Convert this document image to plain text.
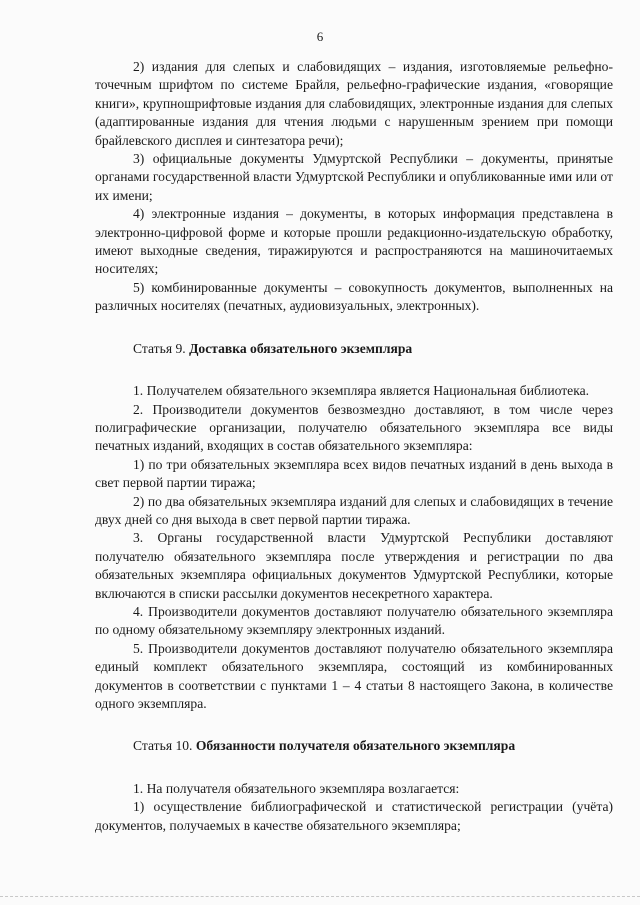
6

2) издания для слепых и слабовидящих – издания, изготовляемые рельефно-точечным шрифтом по системе Брайля, рельефно-графические издания, «говорящие книги», крупношрифтовые издания для слабовидящих, электронные издания для слепых (адаптированные издания для чтения людьми с нарушенным зрением при помощи брайлевского дисплея и синтезатора речи);

3) официальные документы Удмуртской Республики – документы, принятые органами государственной власти Удмуртской Республики и опубликованные ими или от их имени;

4) электронные издания – документы, в которых информация представлена в электронно-цифровой форме и которые прошли редакционно-издательскую обработку, имеют выходные сведения, тиражируются и распространяются на машиночитаемых носителях;

5) комбинированные документы – совокупность документов, выполненных на различных носителях (печатных, аудиовизуальных, электронных).

Статья 9. Доставка обязательного экземпляра

1. Получателем обязательного экземпляра является Национальная библиотека.

2. Производители документов безвозмездно доставляют, в том числе через полиграфические организации, получателю обязательного экземпляра все виды печатных изданий, входящих в состав обязательного экземпляра:

1) по три обязательных экземпляра всех видов печатных изданий в день выхода в свет первой партии тиража;

2) по два обязательных экземпляра изданий для слепых и слабовидящих в течение двух дней со дня выхода в свет первой партии тиража.

3. Органы государственной власти Удмуртской Республики доставляют получателю обязательного экземпляра после утверждения и регистрации по два обязательных экземпляра официальных документов Удмуртской Республики, которые включаются в списки рассылки документов несекретного характера.

4. Производители документов доставляют получателю обязательного экземпляра по одному обязательному экземпляру электронных изданий.

5. Производители документов доставляют получателю обязательного экземпляра единый комплект обязательного экземпляра, состоящий из комбинированных документов в соответствии с пунктами 1 – 4 статьи 8 настоящего Закона, в количестве одного экземпляра.

Статья 10. Обязанности получателя обязательного экземпляра

1. На получателя обязательного экземпляра возлагается:

1) осуществление библиографической и статистической регистрации (учёта) документов, получаемых в качестве обязательного экземпляра;
